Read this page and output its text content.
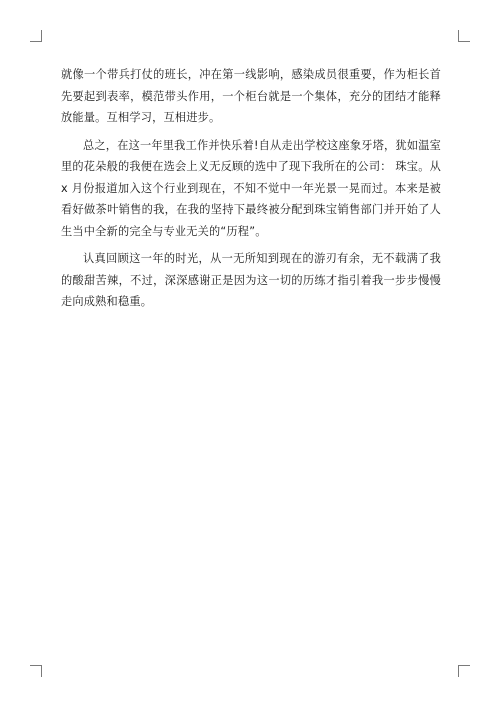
就像一个带兵打仗的班长，冲在第一线影响，感染成员很重要，作为柜长首先要起到表率，模范带头作用，一个柜台就是一个集体，充分的团结才能释放能量。互相学习，互相进步。

总之，在这一年里我工作并快乐着!自从走出学校这座象牙塔，犹如温室里的花朵般的我便在选会上义无反顾的选中了现下我所在的公司： 珠宝。从 x 月份报道加入这个行业到现在，不知不觉中一年光景一晃而过。本来是被看好做茶叶销售的我，在我的坚持下最终被分配到珠宝销售部门并开始了人生当中全新的完全与专业无关的“历程”。

认真回顾这一年的时光，从一无所知到现在的游刃有余，无不载满了我的酸甜苦辣，不过，深深感谢正是因为这一切的历练才指引着我一步步慢慢走向成熟和稳重。
